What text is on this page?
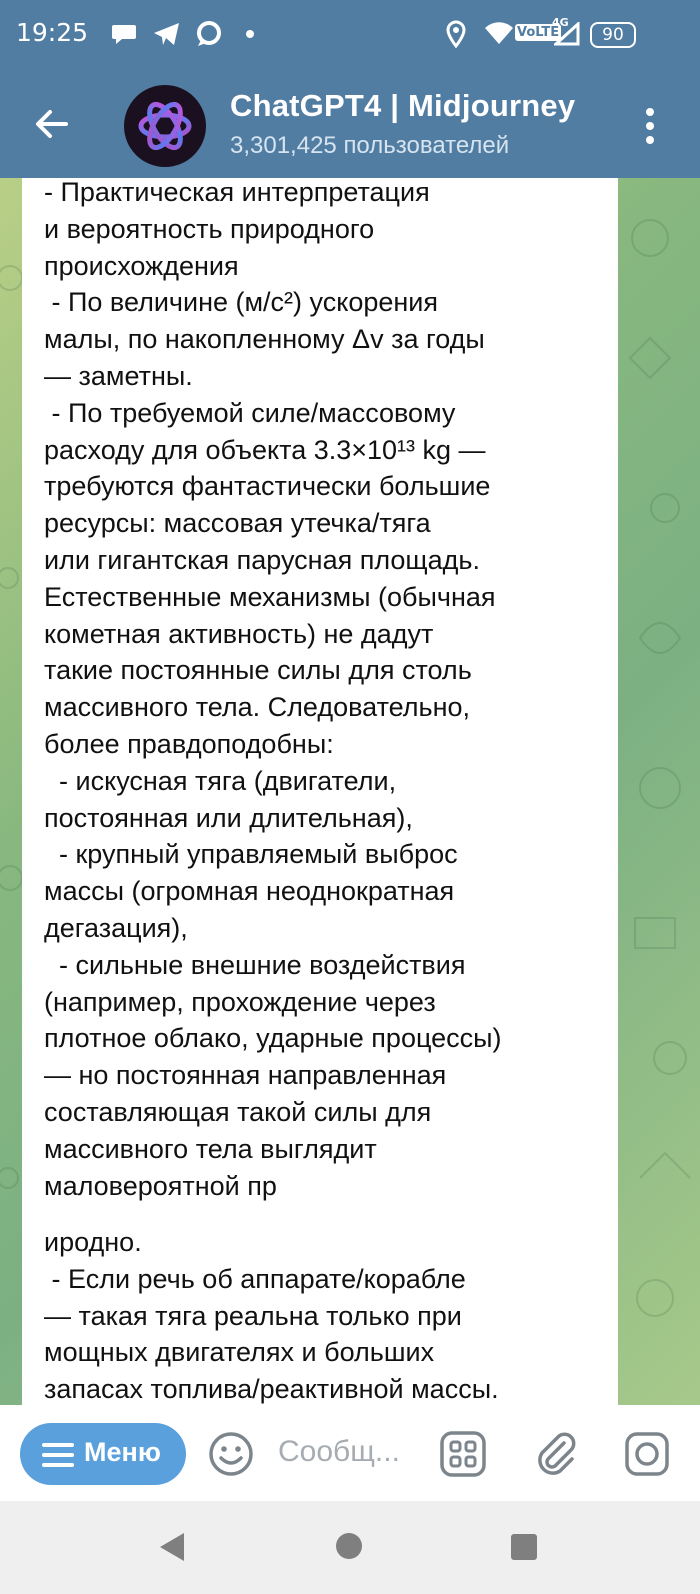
19:25	VoLTE
4G
90
ChatGPT4 | Midjourney
3,301,425 пользователей
- Практическая интерпретация
и вероятность природного
происхождения
- По величине (м/с²) ускорения
малы, по накопленному Δv за годы
— заметны.
- По требуемой силе/массовому
расходу для объекта 3.3×10¹³ kg —
требуются фантастически большие
ресурсы: массовая утечка/тяга
или гигантская парусная площадь.
Естественные механизмы (обычная
кометная активность) не дадут
такие постоянные силы для столь
массивного тела. Следовательно,
более правдоподобны:
- искусная тяга (двигатели,
постоянная или длительная),
- крупный управляемый выброс
массы (огромная неоднократная
дегазация),
- сильные внешние воздействия
(например, прохождение через
плотное облако, ударные процессы)
— но постоянная направленная
составляющая такой силы для
массивного тела выглядит
маловероятной пр
иродно.
- Если речь об аппарате/корабле
— такая тяга реальна только при
мощных двигателях и больших
запасах топлива/реактивной массы.
Меню	Сообщ...
